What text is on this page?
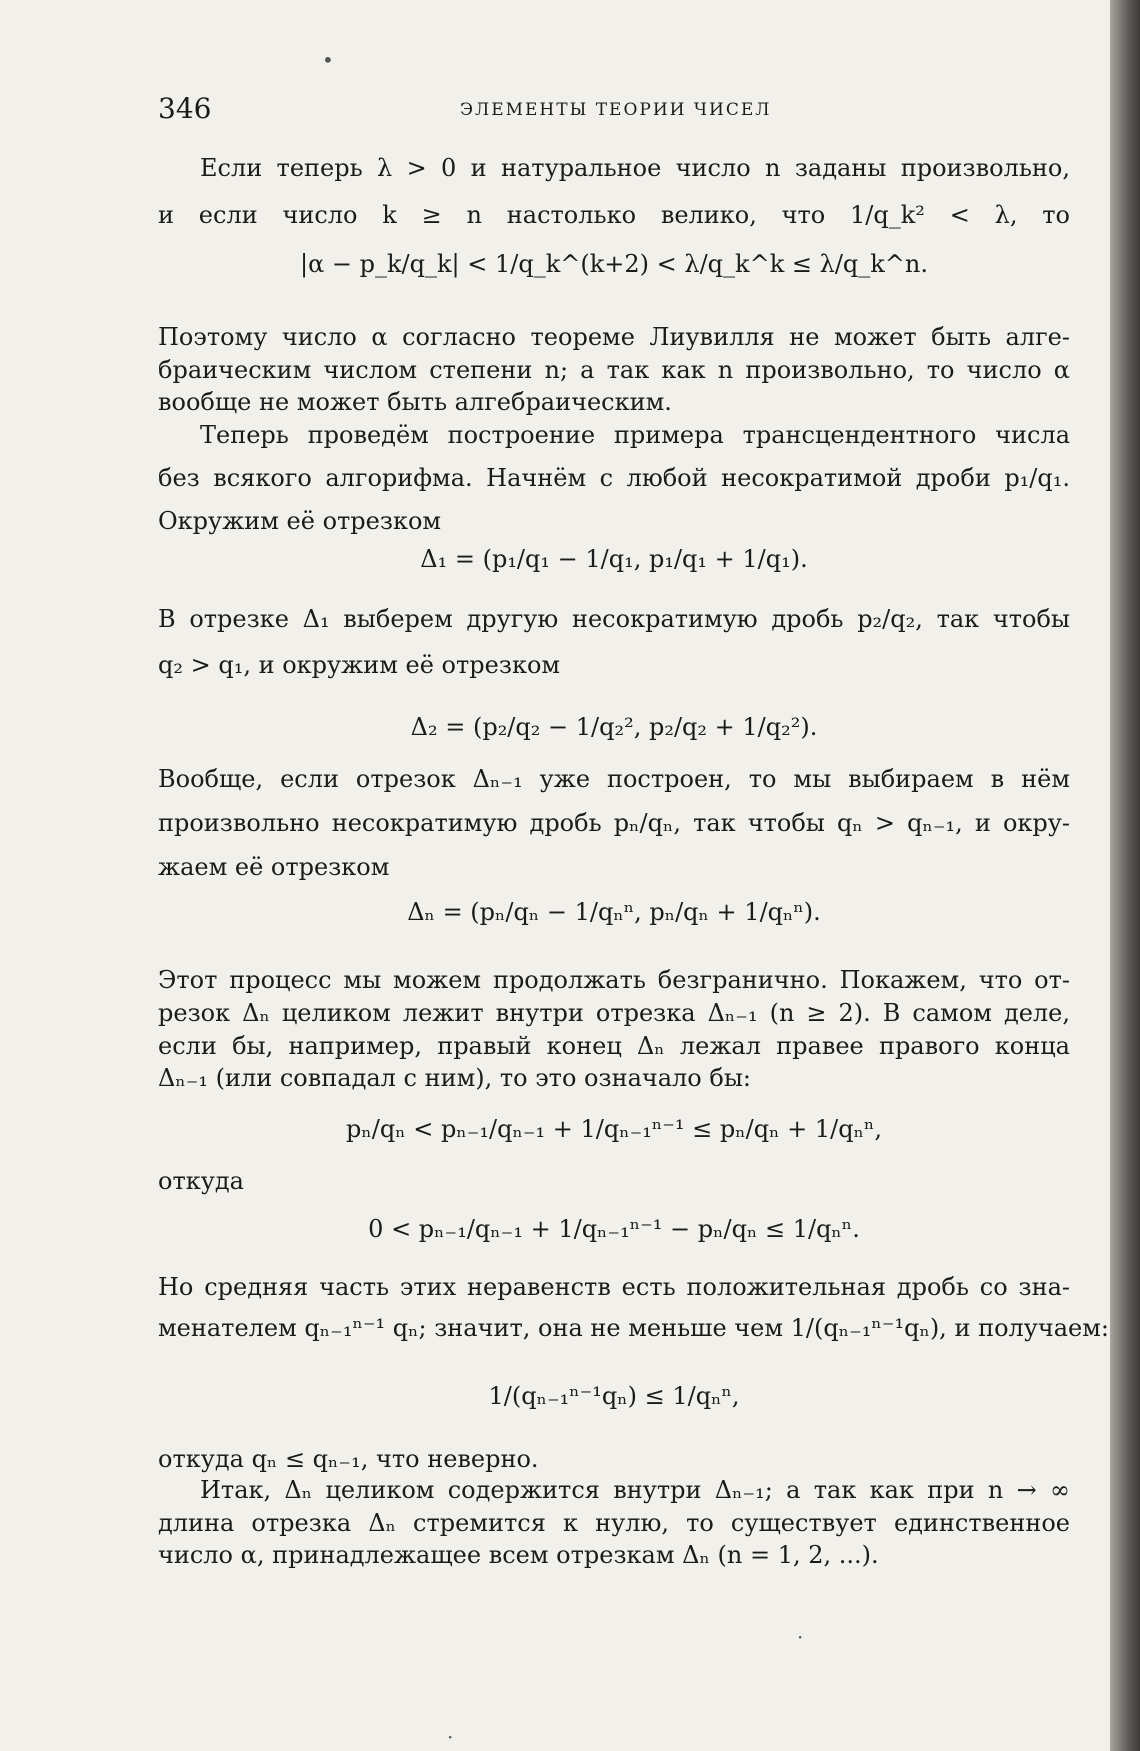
•
346	ЭЛЕМЕНТЫ ТЕОРИИ ЧИСЕЛ
Если теперь λ > 0 и натуральное число n заданы произвольно,
и если число k ≥ n настолько велико, что 1/q_k² < λ, то
|α − p_k/q_k| < 1/q_k^(k+2) < λ/q_k^k ≤ λ/q_k^n.
Поэтому число α согласно теореме Лиувилля не может быть алге-
браическим числом степени n; а так как n произвольно, то число α
вообще не может быть алгебраическим.
Теперь проведём построение примера трансцендентного числа
без всякого алгорифма. Начнём с любой несократимой дроби p₁/q₁.
Окружим её отрезком
Δ₁ = (p₁/q₁ − 1/q₁, p₁/q₁ + 1/q₁).
В отрезке Δ₁ выберем другую несократимую дробь p₂/q₂, так чтобы
q₂ > q₁, и окружим её отрезком
Δ₂ = (p₂/q₂ − 1/q₂², p₂/q₂ + 1/q₂²).
Вообще, если отрезок Δₙ₋₁ уже построен, то мы выбираем в нём
произвольно несократимую дробь pₙ/qₙ, так чтобы qₙ > qₙ₋₁, и окру-
жаем её отрезком
Δₙ = (pₙ/qₙ − 1/qₙⁿ, pₙ/qₙ + 1/qₙⁿ).
Этот процесс мы можем продолжать безгранично. Покажем, что от-
резок Δₙ целиком лежит внутри отрезка Δₙ₋₁ (n ≥ 2). В самом деле,
если бы, например, правый конец Δₙ лежал правее правого конца
Δₙ₋₁ (или совпадал с ним), то это означало бы:
pₙ/qₙ < pₙ₋₁/qₙ₋₁ + 1/qₙ₋₁ⁿ⁻¹ ≤ pₙ/qₙ + 1/qₙⁿ,
откуда
0 < pₙ₋₁/qₙ₋₁ + 1/qₙ₋₁ⁿ⁻¹ − pₙ/qₙ ≤ 1/qₙⁿ.
Но средняя часть этих неравенств есть положительная дробь со зна-
менателем qₙ₋₁ⁿ⁻¹ qₙ; значит, она не меньше чем 1/(qₙ₋₁ⁿ⁻¹qₙ), и получаем:
1/(qₙ₋₁ⁿ⁻¹qₙ) ≤ 1/qₙⁿ,
откуда qₙ ≤ qₙ₋₁, что неверно.
Итак, Δₙ целиком содержится внутри Δₙ₋₁; а так как при n → ∞
длина отрезка Δₙ стремится к нулю, то существует единственное
число α, принадлежащее всем отрезкам Δₙ (n = 1, 2, ...).
·
·
